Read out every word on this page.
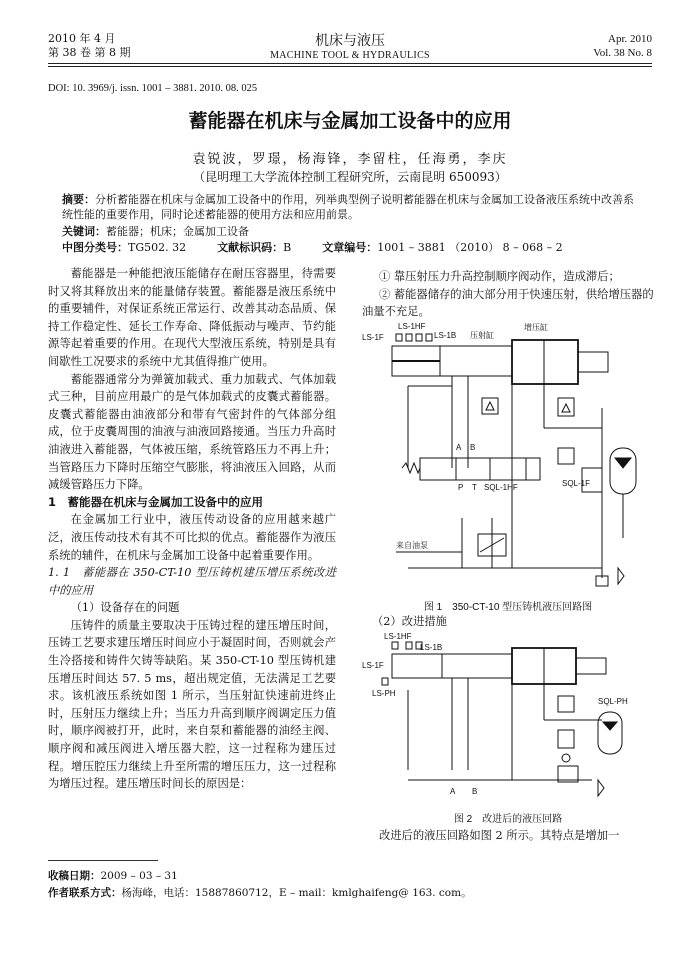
2010 年 4 月
第 38 卷 第 8 期
机床与液压
MACHINE TOOL & HYDRAULICS
Apr. 2010
Vol. 38 No. 8
DOI: 10. 3969/j. issn. 1001 – 3881. 2010. 08. 025
蓄能器在机床与金属加工设备中的应用
袁锐波，罗璟，杨海锋，李留柱，任海勇，李庆
（昆明理工大学流体控制工程研究所，云南昆明 650093）
摘要：分析蓄能器在机床与金属加工设备中的作用，列举典型例子说明蓄能器在机床与金属加工设备液压系统中改善系统性能的重要作用，同时论述蓄能器的使用方法和应用前景。
关键词：蓄能器；机床；金属加工设备
中图分类号：TG502. 32	文献标识码：B	文章编号：1001 – 3881 （2010） 8 – 068 – 2

蓄能器是一种能把液压能储存在耐压容器里，待需要时又将其释放出来的能量储存装置。蓄能器是液压系统中的重要辅件，对保证系统正常运行、改善其动态品质、保持工作稳定性、延长工作寿命、降低振动与噪声、节约能源等起着重要的作用。在现代大型液压系统，特别是具有间歇性工况要求的系统中尤其值得推广使用。

蓄能器通常分为弹簧加载式、重力加载式、气体加载式三种，目前应用最广的是气体加载式的皮囊式蓄能器。皮囊式蓄能器由油液部分和带有气密封件的气体部分组成，位于皮囊周围的油液与油液回路接通。当压力升高时油液进入蓄能器，气体被压缩，系统管路压力不再上升；当管路压力下降时压缩空气膨胀，将油液压入回路，从而减缓管路压力下降。

1　蓄能器在机床与金属加工设备中的应用

在金属加工行业中，液压传动设备的应用越来越广泛，液压传动技术有其不可比拟的优点。蓄能器作为液压系统的辅件，在机床与金属加工设备中起着重要作用。

1. 1　蓄能器在 350-CT-10 型压铸机建压增压系统改进中的应用

（1）设备存在的问题

压铸件的质量主要取决于压铸过程的建压增压时间，压铸工艺要求建压增压时间应小于凝固时间，否则就会产生冷搭接和铸件欠铸等缺陷。某 350-CT-10 型压铸机建压增压时间达 57. 5 ms，超出规定值，无法满足工艺要求。该机液压系统如图 1 所示，当压射缸快速前进终止时，压射压力继续上升；当压力升高到顺序阀调定压力值时，顺序阀被打开，此时，来自泵和蓄能器的油经主阀、顺序阀和减压阀进入增压器大腔，这一过程称为建压过程。增压腔压力继续上升至所需的增压压力，这一过程称为增压过程。建压增压时间长的原因是：

① 靠压射压力升高控制顺序阀动作，造成滞后；

② 蓄能器储存的油大部分用于快速压射，供给增压器的油量不充足。

LS-1HF
LS-1F	LS-1B 压射缸
增压缸
A B
P T SQL-1HF	SQL-1F
来自油泵
图 1　350-CT-10 型压铸机液压回路图
（2）改进措施
LS-1HF
LS-1F
LS-1B
LS-PH
SQL-PH
A B
图 2　改进后的液压回路
改进后的液压回路如图 2 所示。其特点是增加一
收稿日期：2009 – 03 – 31
作者联系方式：杨海峰，电话：15887860712，E – mail：kmlghaifeng@ 163. com。
